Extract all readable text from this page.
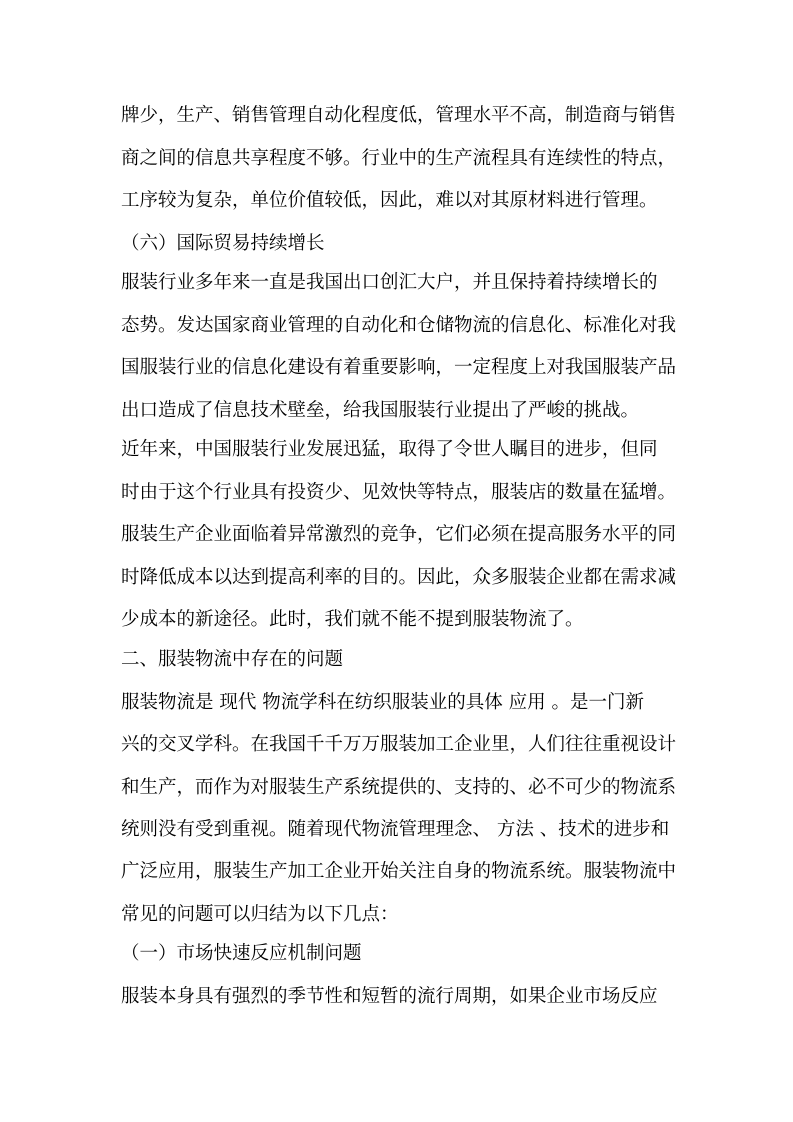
牌少，生产、销售管理自动化程度低，管理水平不高，制造商与销售
商之间的信息共享程度不够。行业中的生产流程具有连续性的特点，
工序较为复杂，单位价值较低，因此，难以对其原材料进行管理。
（六）国际贸易持续增长
服装行业多年来一直是我国出口创汇大户，并且保持着持续增长的
态势。发达国家商业管理的自动化和仓储物流的信息化、标准化对我
国服装行业的信息化建设有着重要影响，一定程度上对我国服装产品
出口造成了信息技术壁垒，给我国服装行业提出了严峻的挑战。
近年来，中国服装行业发展迅猛，取得了令世人瞩目的进步，但同
时由于这个行业具有投资少、见效快等特点，服装店的数量在猛增。
服装生产企业面临着异常激烈的竞争，它们必须在提高服务水平的同
时降低成本以达到提高利率的目的。因此，众多服装企业都在需求减
少成本的新途径。此时，我们就不能不提到服装物流了。
二、服装物流中存在的问题
服装物流是 现代 物流学科在纺织服装业的具体 应用 。是一门新
兴的交叉学科。在我国千千万万服装加工企业里，人们往往重视设计
和生产，而作为对服装生产系统提供的、支持的、必不可少的物流系
统则没有受到重视。随着现代物流管理理念、 方法 、技术的进步和
广泛应用，服装生产加工企业开始关注自身的物流系统。服装物流中
常见的问题可以归结为以下几点：
（一）市场快速反应机制问题
服装本身具有强烈的季节性和短暂的流行周期，如果企业市场反应
